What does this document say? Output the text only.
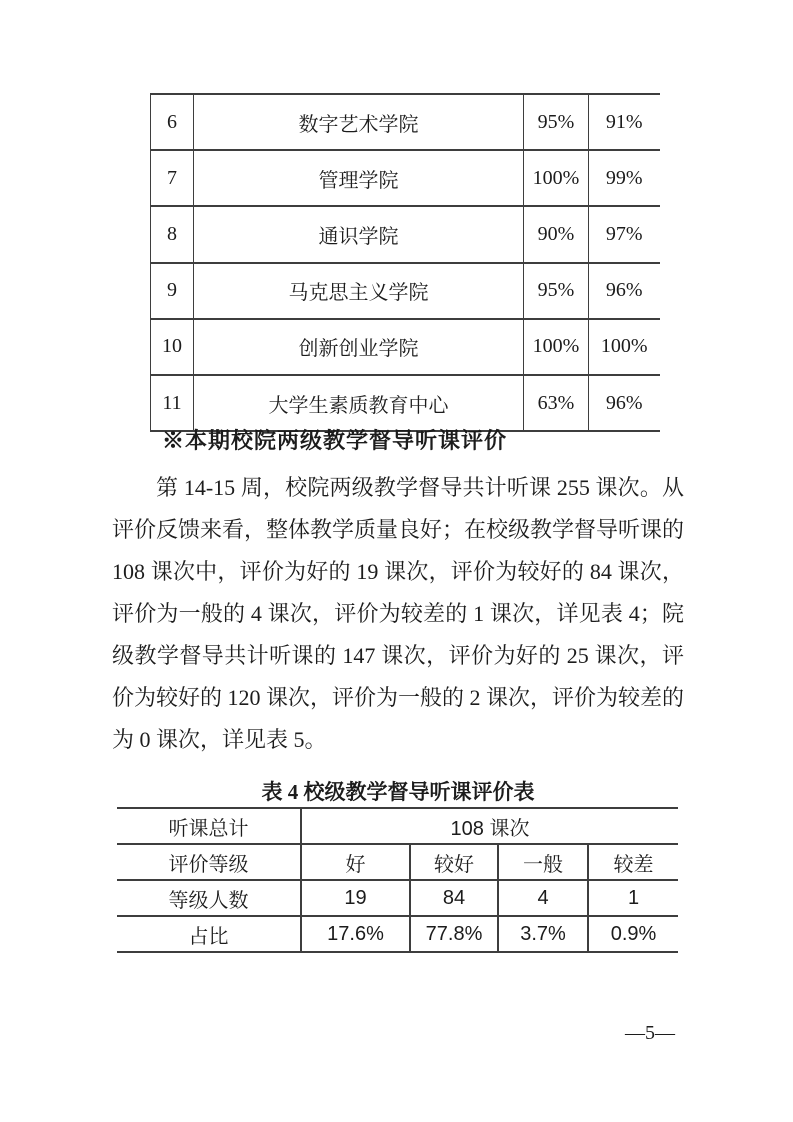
6	数字艺术学院	95%	91%
7	管理学院	100%	99%
8	通识学院	90%	97%
9	马克思主义学院	95%	96%
10	创新创业学院	100%	100%
11	大学生素质教育中心	63%	96%
※本期校院两级教学督导听课评价
第 14-15 周，校院两级教学督导共计听课 255 课次。从
评价反馈来看，整体教学质量良好；在校级教学督导听课的
108 课次中，评价为好的 19 课次，评价为较好的 84 课次，
评价为一般的 4 课次，评价为较差的 1 课次，详见表 4；院
级教学督导共计听课的 147 课次，评价为好的 25 课次，评
价为较好的 120 课次，评价为一般的 2 课次，评价为较差的
为 0 课次，详见表 5。
表 4 校级教学督导听课评价表
听课总计	108 课次			
评价等级	好	较好	一般	较差
等级人数	19	84	4	1
占比	17.6%	77.8%	3.7%	0.9%
—5—
